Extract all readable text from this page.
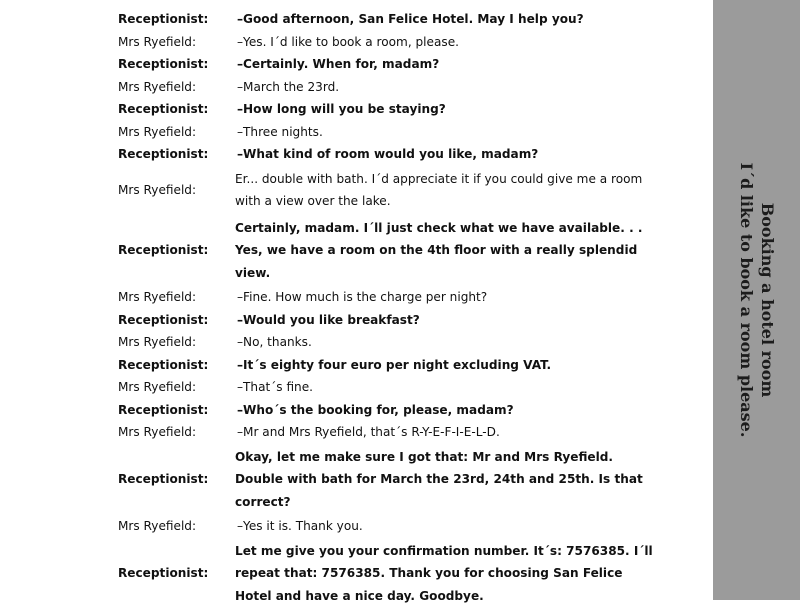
Receptionist:	–Good afternoon, San Felice Hotel. May I help you?
Mrs Ryefield:	–Yes. I´d like to book a room, please.
Receptionist:	–Certainly. When for, madam?
Mrs Ryefield:	–March the 23rd.
Receptionist:	–How long will you be staying?
Mrs Ryefield:	–Three nights.
Receptionist:	–What kind of room would you like, madam?
Mrs Ryefield:	Er... double with bath. I´d appreciate it if you could give me a room with a view over the lake.
Receptionist:	Certainly, madam. I´ll just check what we have available. . . Yes, we have a room on the 4th floor with a really splendid view.
Mrs Ryefield:	–Fine. How much is the charge per night?
Receptionist:	–Would you like breakfast?
Mrs Ryefield:	–No, thanks.
Receptionist:	–It´s eighty four euro per night excluding VAT.
Mrs Ryefield:	–That´s fine.
Receptionist:	–Who´s the booking for, please, madam?
Mrs Ryefield:	–Mr and Mrs Ryefield, that´s R-Y-E-F-I-E-L-D.
Receptionist:	Okay, let me make sure I got that: Mr and Mrs Ryefield. Double with bath for March the 23rd, 24th and 25th. Is that correct?
Mrs Ryefield:	–Yes it is. Thank you.
Receptionist:	Let me give you your confirmation number. It´s: 7576385. I´ll repeat that: 7576385. Thank you for choosing San Felice Hotel and have a nice day. Goodbye.
Booking a hotel room
I´d like to book a room please.
